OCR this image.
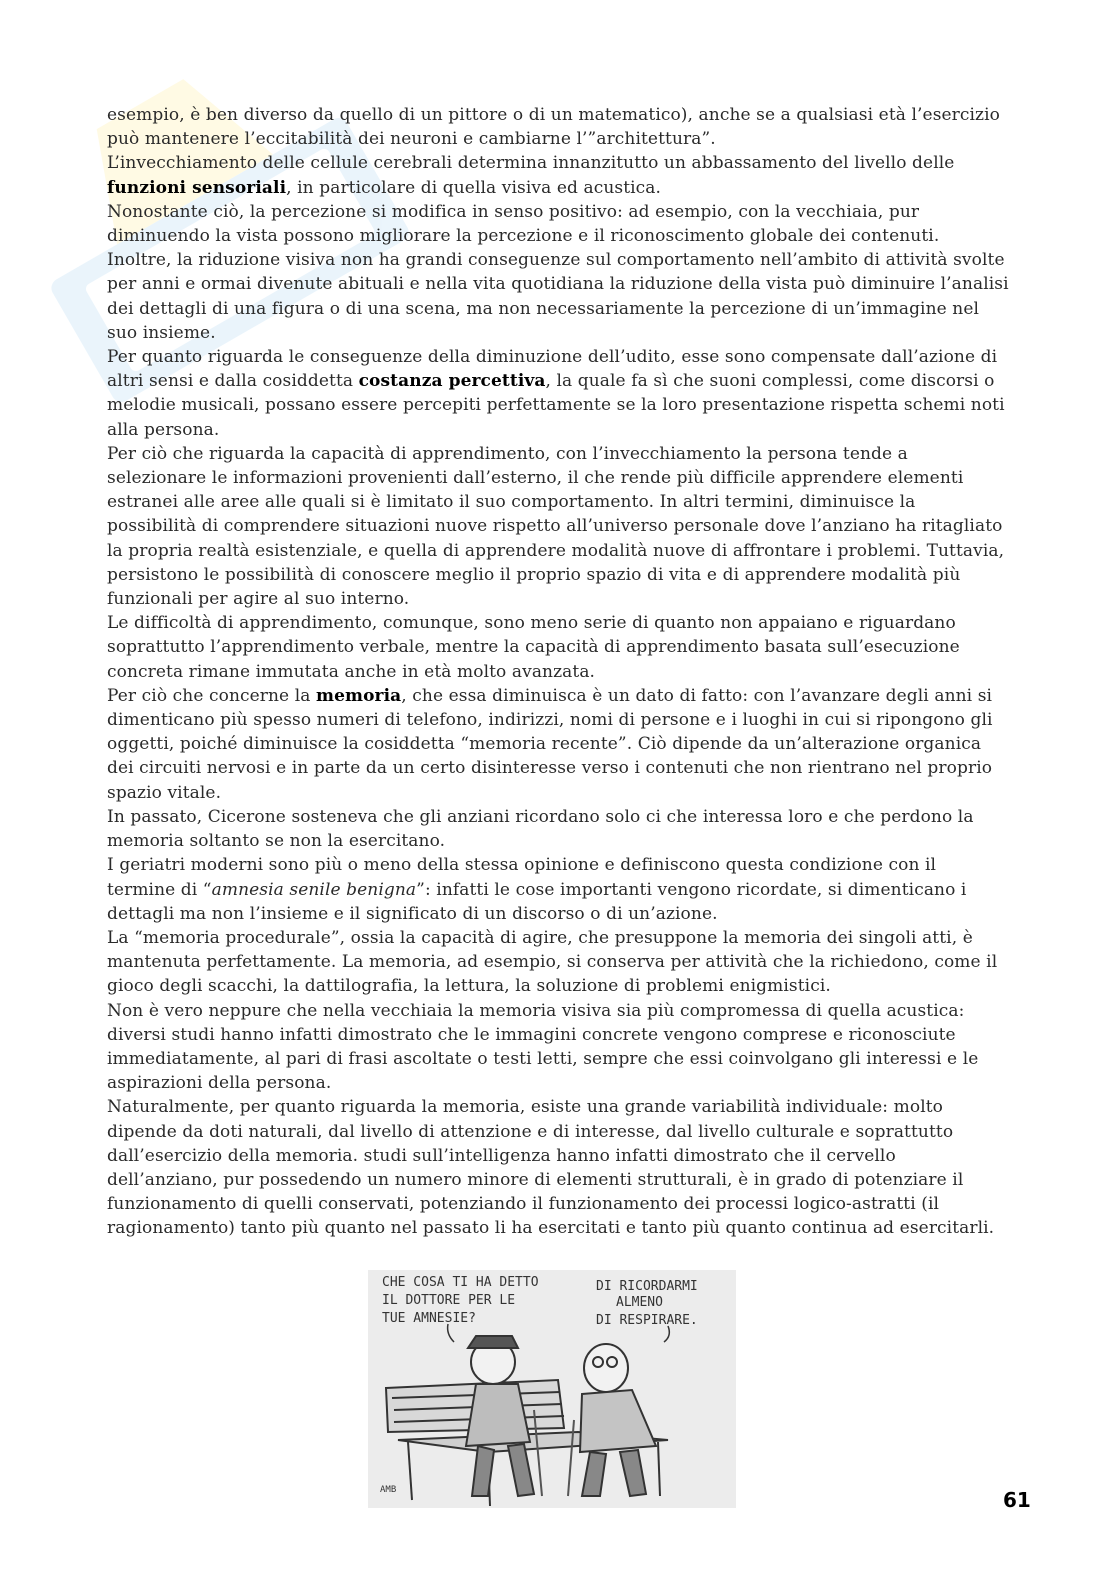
esempio, è ben diverso da quello di un pittore o di un matematico), anche se a qualsiasi età l’esercizio può mantenere l’eccitabilità dei neuroni e cambiarne l’”architettura”.

L’invecchiamento delle cellule cerebrali determina innanzitutto un abbassamento del livello delle funzioni sensoriali, in particolare di quella visiva ed acustica.

Nonostante ciò, la percezione si modifica in senso positivo: ad esempio, con la vecchiaia, pur diminuendo la vista possono migliorare la percezione e il riconoscimento globale dei contenuti. Inoltre, la riduzione visiva non ha grandi conseguenze sul comportamento nell’ambito di attività svolte per anni e ormai divenute abituali e nella vita quotidiana la riduzione della vista può diminuire l’analisi dei dettagli di una figura o di una scena, ma non necessariamente la percezione di un’immagine nel suo insieme.

Per quanto riguarda le conseguenze della diminuzione dell’udito, esse sono compensate dall’azione di altri sensi e dalla cosiddetta costanza percettiva, la quale fa sì che suoni complessi, come discorsi o melodie musicali, possano essere percepiti perfettamente se la loro presentazione rispetta schemi noti alla persona.

Per ciò che riguarda la capacità di apprendimento, con l’invecchiamento la persona tende a selezionare le informazioni provenienti dall’esterno, il che rende più difficile apprendere elementi estranei alle aree alle quali si è limitato il suo comportamento. In altri termini, diminuisce la possibilità di comprendere situazioni nuove rispetto all’universo personale dove l’anziano ha ritagliato la propria realtà esistenziale, e quella di apprendere modalità nuove di affrontare i problemi. Tuttavia, persistono le possibilità di conoscere meglio il proprio spazio di vita e di apprendere modalità più funzionali per agire al suo interno.

Le difficoltà di apprendimento, comunque, sono meno serie di quanto non appaiano e riguardano soprattutto l’apprendimento verbale, mentre la capacità di apprendimento basata sull’esecuzione concreta rimane immutata anche in età molto avanzata.

Per ciò che concerne la memoria, che essa diminuisca è un dato di fatto: con l’avanzare degli anni si dimenticano più spesso numeri di telefono, indirizzi, nomi di persone e i luoghi in cui si ripongono gli oggetti, poiché diminuisce la cosiddetta “memoria recente”. Ciò dipende da un’alterazione organica dei circuiti nervosi e in parte da un certo disinteresse verso i contenuti che non rientrano nel proprio spazio vitale.

In passato, Cicerone sosteneva che gli anziani ricordano solo ci che interessa loro e che perdono la memoria soltanto se non la esercitano.

I geriatri moderni sono più o meno della stessa opinione e definiscono questa condizione con il termine di “amnesia senile benigna”: infatti le cose importanti vengono ricordate, si dimenticano i dettagli ma non l’insieme e il significato di un discorso o di un’azione.

La “memoria procedurale”, ossia la capacità di agire, che presuppone la memoria dei singoli atti, è mantenuta perfettamente. La memoria, ad esempio, si conserva per attività che la richiedono, come il gioco degli scacchi, la dattilografia, la lettura, la soluzione di problemi enigmistici.

Non è vero neppure che nella vecchiaia la memoria visiva sia più compromessa di quella acustica: diversi studi hanno infatti dimostrato che le immagini concrete vengono comprese e riconosciute immediatamente, al pari di frasi ascoltate o testi letti, sempre che essi coinvolgano gli interessi e le aspirazioni della persona.

Naturalmente, per quanto riguarda la memoria, esiste una grande variabilità individuale: molto dipende da doti naturali, dal livello di attenzione e di interesse, dal livello culturale e soprattutto dall’esercizio della memoria. studi sull’intelligenza hanno infatti dimostrato che il cervello dell’anziano, pur possedendo un numero minore di elementi strutturali, è in grado di potenziare il funzionamento di quelli conservati, potenziando il funzionamento dei processi logico-astratti (il ragionamento) tanto più quanto nel passato li ha esercitati e tanto più quanto continua ad esercitarli.

CHE COSA TI HA DETTO
IL DOTTORE PER LE
TUE AMNESIE?
DI RICORDARMI
ALMENO
DI RESPIRARE.
AMB	61
